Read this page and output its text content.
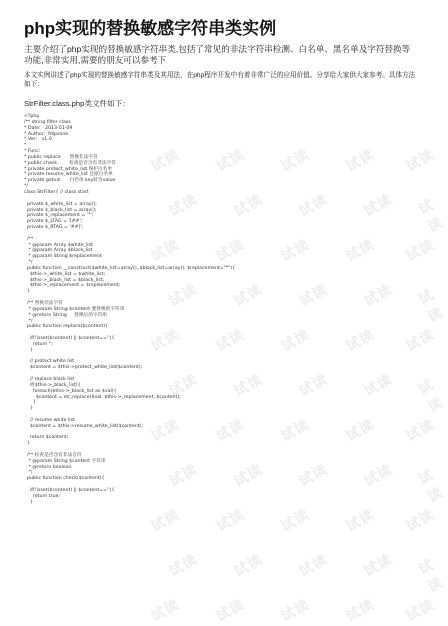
试读 试读 试读 试读 试读
试读 试读 试读 试读 试读
试读 试读 试读 试读 试读
试读 试读 试读 试读 试读
试读 试读 试读 试读 试读
试读 试读 试读 试读 试读
试读 试读 试读 试读 试读
试读 试读 试读 试读 试读
试读 试读 试读 试读 试读
试读 试读 试读 试读 试读
试读 试读 试读 试读 试读
php实现的替换敏感字符串类实例

主要介绍了php实现的替换敏感字符串类,包括了常见的非法字符串检测、白名单、黑名单及字符替换等功能,非常实用,需要的朋友可以参考下

本文实例讲述了php实现的替换敏感字符串类及其用法，在php程序开发中有着非常广泛的应用价值。分享给大家供大家参考。具体方法如下：

StrFilter.class.php类文件如下：

<?php
/** string filter class
* Date:   2013-01-09
* Author:  fdipzone
* Ver:   v1.0
*
* Func:
* public replace      替换非法字符
* public check        检查是否含有非法字符
* private protect_white_list 保护白名单
* private resume_white_list 还原白名单
* private getval      白名单 key转为value
*/
class StrFilter{ // class start
private $_white_list = array();
private $_black_list = array();
private $_replacement = '*';
private $_LTAG = '[##';
private $_RTAG = '##]';
/**
* @param Array $white_list
* @param Array $black_list
* @param String $replacement
*/
public function __construct($white_list=array(), $black_list=array(), $replacement="*"){
$this->_white_list = $white_list;
$this->_black_list = $black_list;
$this->_replacement = $replacement;
}
/** 替换非法字符
* @param String $content 要替换的字符串
* @return String     替换后的字符串
*/
public function replace($content){
if(!isset($content) || $content==''){
return '';
}
// protect white list
$content = $this->protect_white_list($content);
// replace black list
if($this->_black_list){
foreach($this->_black_list as $val){
$content = str_replace($val, $this->_replacement, $content);
}
}
// resume white list
$content = $this->resume_white_list($content);
return $content;
}
/** 检查是否含有非法自符
* @param String $content 字符串
* @return boolean
*/
public function check($content){
if(!isset($content) || $content==''){
return true;
}
